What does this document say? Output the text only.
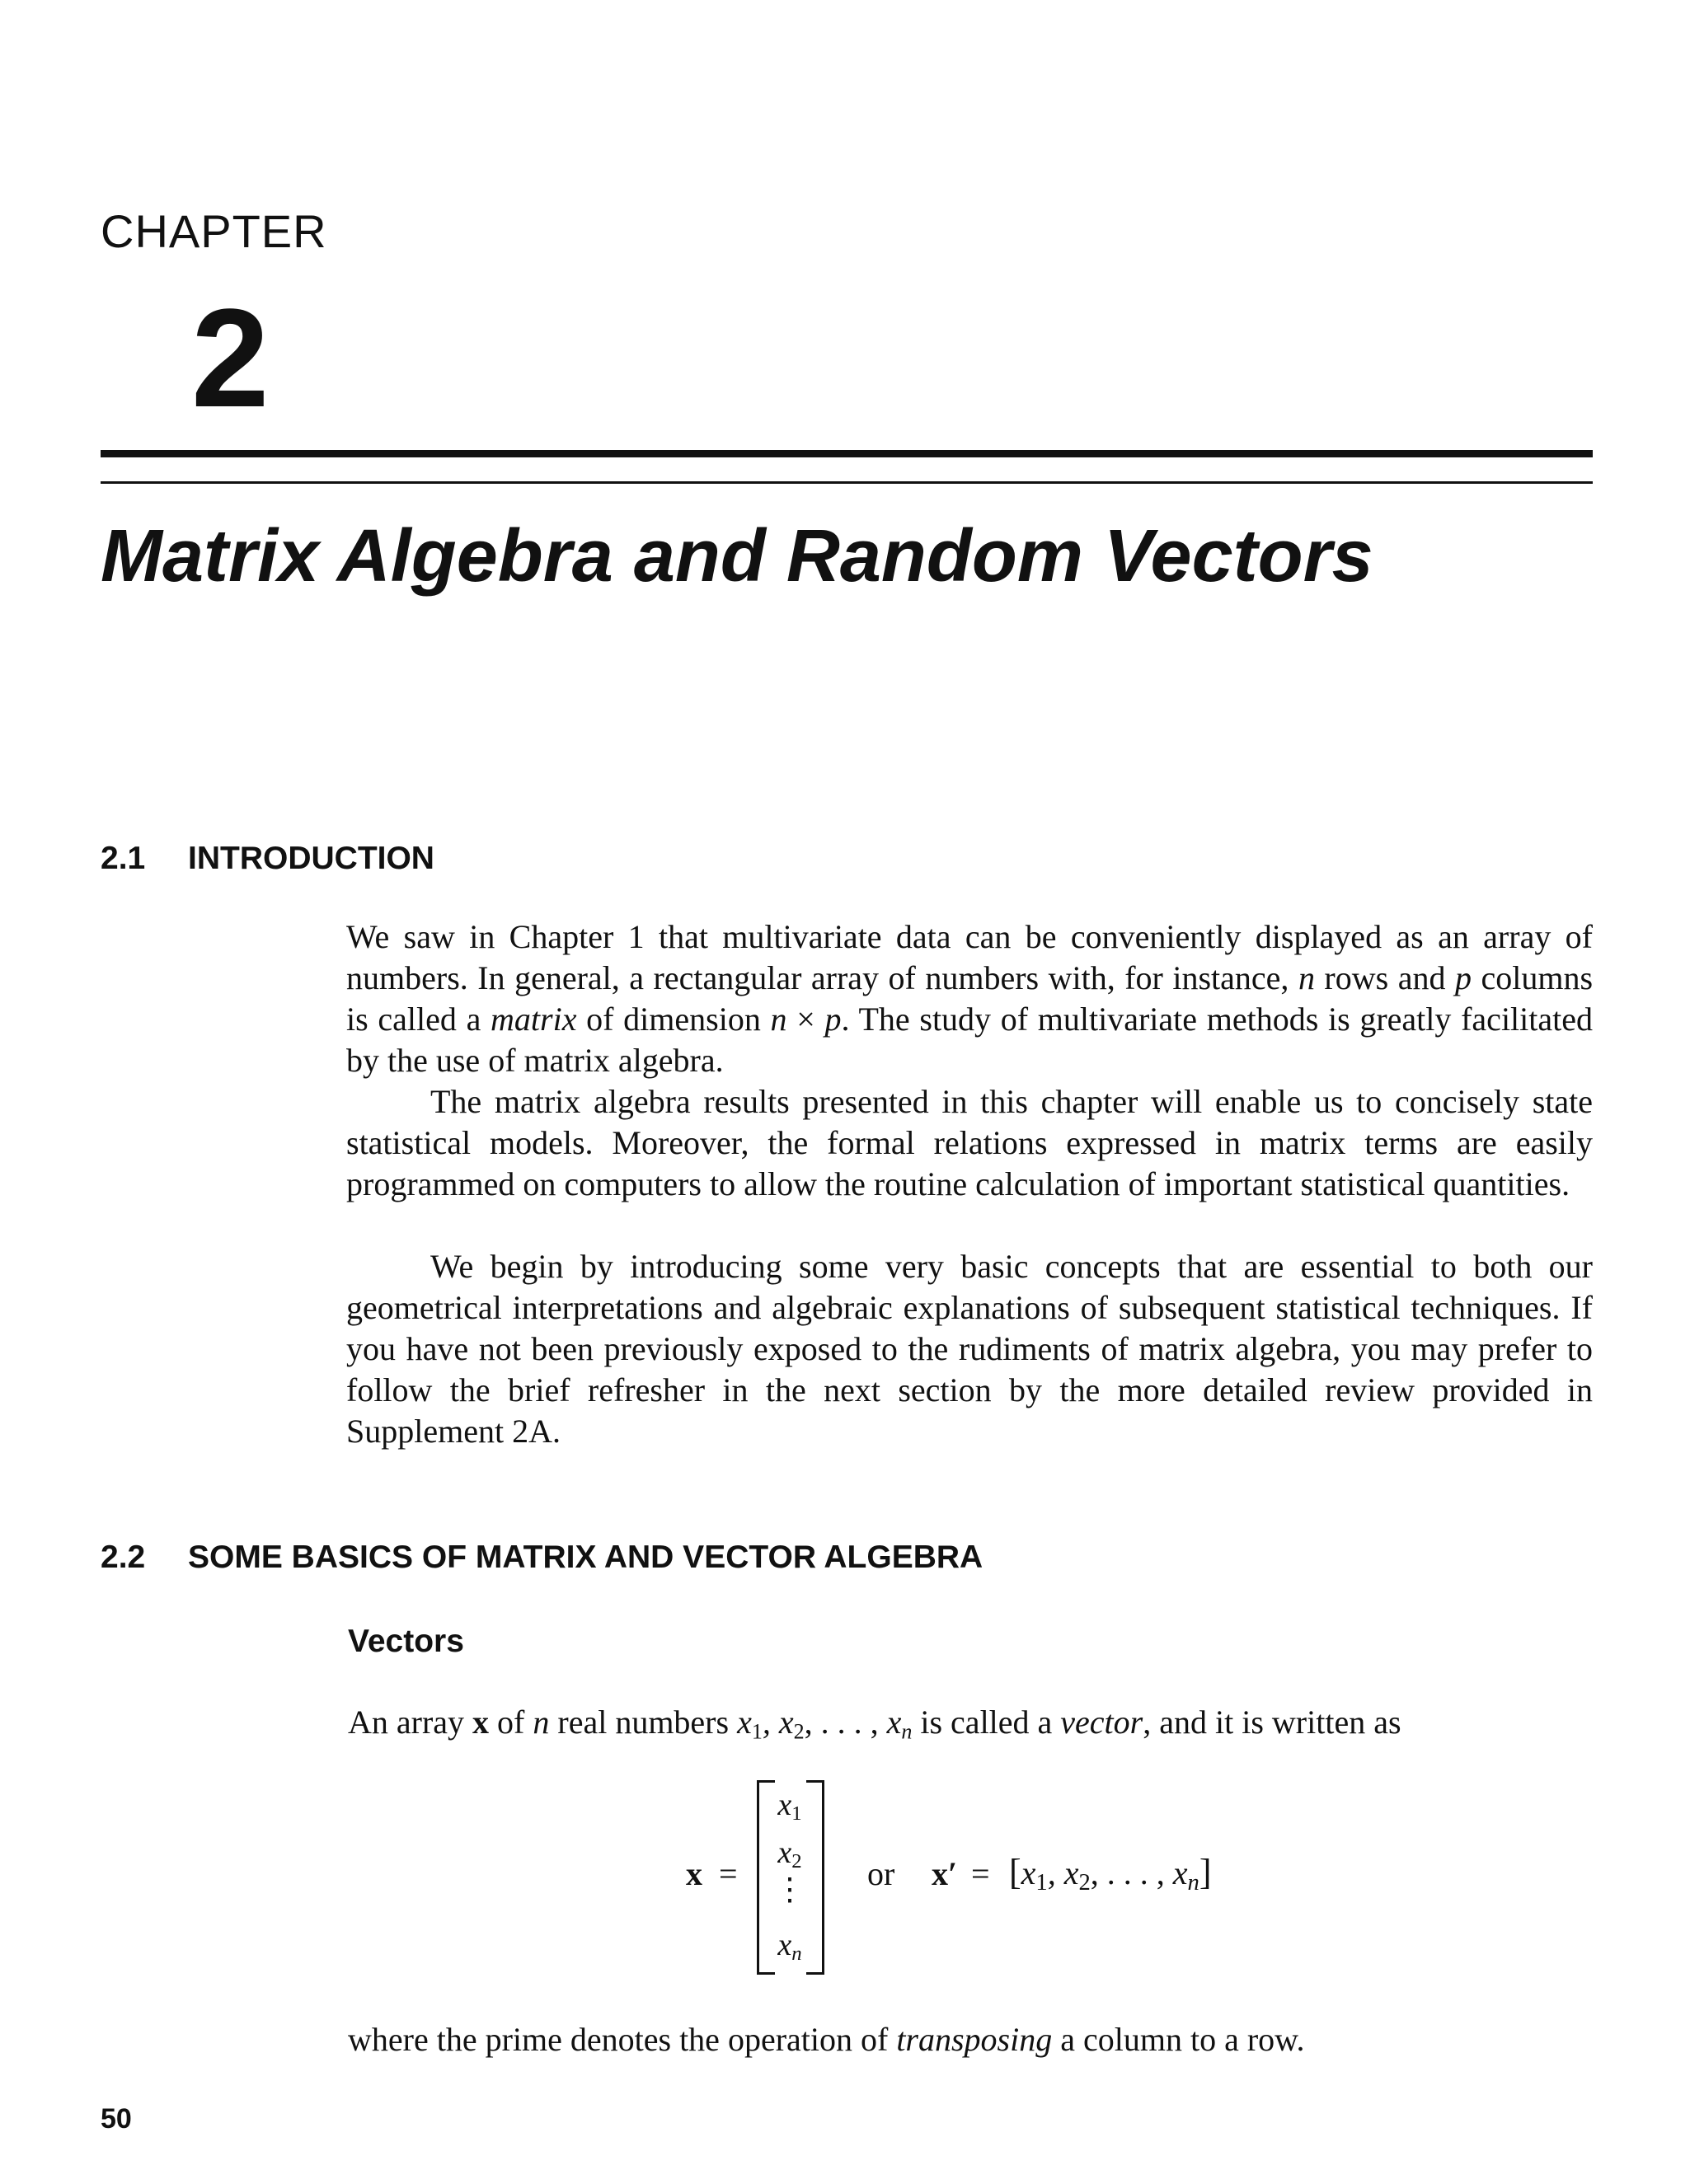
CHAPTER
2
Matrix Algebra and Random Vectors
2.1 INTRODUCTION
We saw in Chapter 1 that multivariate data can be conveniently displayed as an array of numbers. In general, a rectangular array of numbers with, for instance, n rows and p columns is called a matrix of dimension n × p. The study of multivariate methods is greatly facilitated by the use of matrix algebra.
The matrix algebra results presented in this chapter will enable us to concisely state statistical models. Moreover, the formal relations expressed in matrix terms are easily programmed on computers to allow the routine calculation of important statistical quantities.
We begin by introducing some very basic concepts that are essential to both our geometrical interpretations and algebraic explanations of subsequent statistical techniques. If you have not been previously exposed to the rudiments of matrix algebra, you may prefer to follow the brief refresher in the next section by the more detailed review provided in Supplement 2A.
2.2 SOME BASICS OF MATRIX AND VECTOR ALGEBRA
Vectors
An array x of n real numbers $x_1$, $x_2$, . . . , $x_n$ is called a vector, and it is written as
x =
$x_1$
$x_2$
⋮
$x_n$
or $x' = [x_1$, $x_2$, . . . , $x_n$]
where the prime denotes the operation of transposing a column to a row.
50
